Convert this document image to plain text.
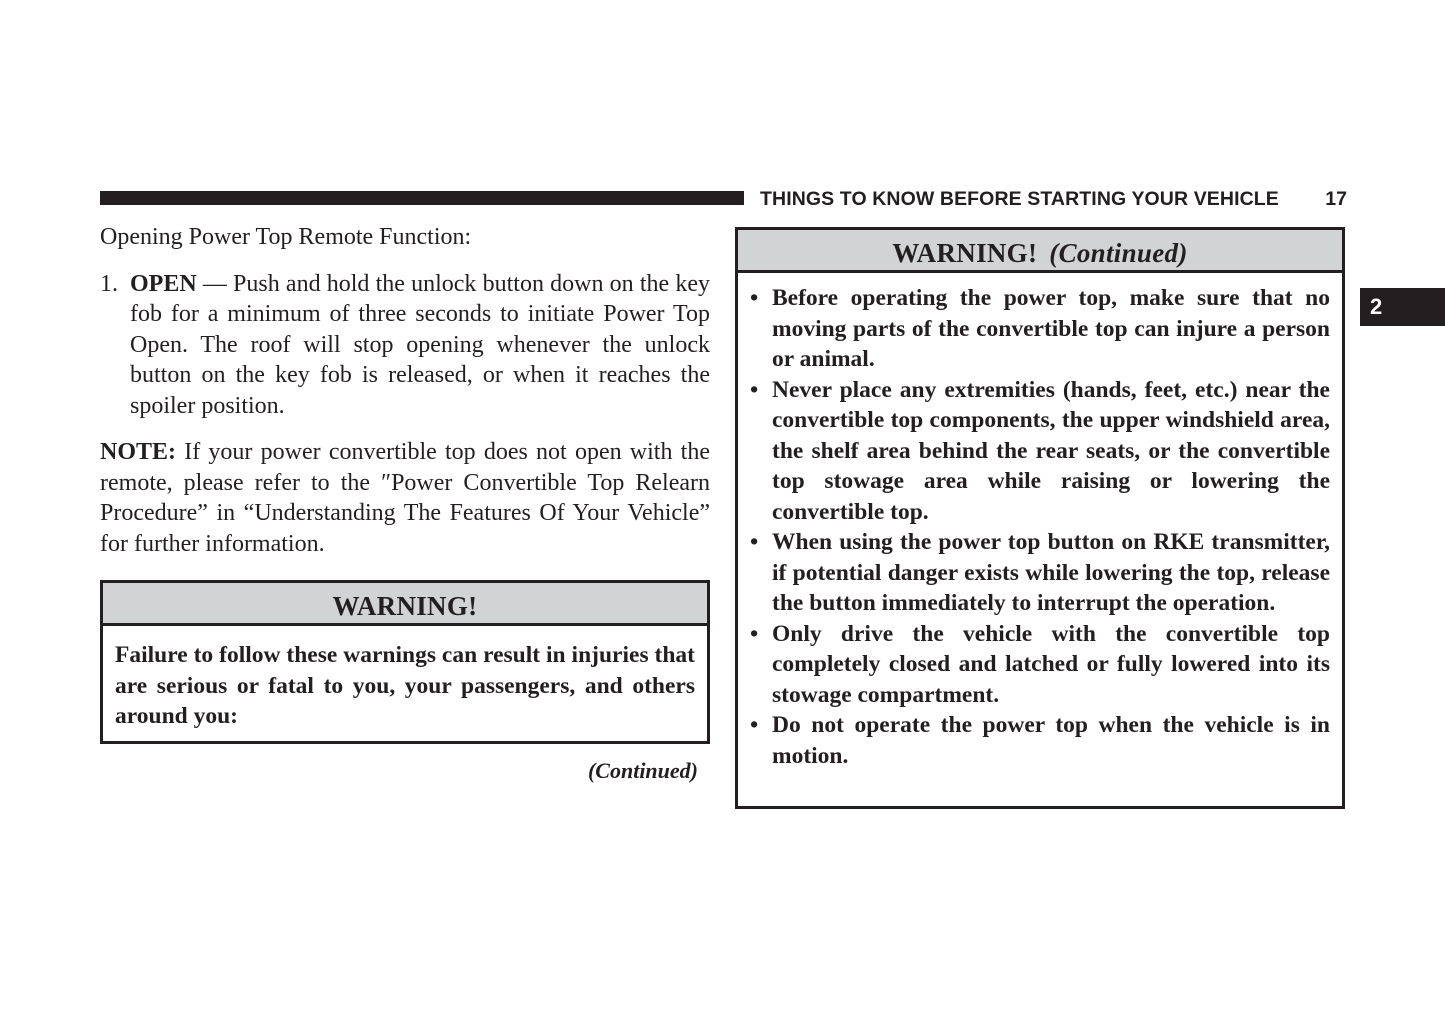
THINGS TO KNOW BEFORE STARTING YOUR VEHICLE	17
2

Opening Power Top Remote Function:

1. OPEN — Push and hold the unlock button down on the key fob for a minimum of three seconds to initiate Power Top Open. The roof will stop opening whenever the unlock button on the key fob is released, or when it reaches the spoiler position.

NOTE: If your power convertible top does not open with the remote, please refer to the ″Power Convertible Top Relearn Procedure” in “Understanding The Features Of Your Vehicle” for further information.

WARNING!
Failure to follow these warnings can result in injuries that are serious or fatal to you, your passengers, and others around you:
(Continued)
WARNING! (Continued)
• Before operating the power top, make sure that no moving parts of the convertible top can injure a person or animal.
• Never place any extremities (hands, feet, etc.) near the convertible top components, the upper windshield area, the shelf area behind the rear seats, or the convertible top stowage area while raising or lowering the convertible top.
• When using the power top button on RKE transmitter, if potential danger exists while lowering the top, release the button immediately to interrupt the operation.
• Only drive the vehicle with the convertible top completely closed and latched or fully lowered into its stowage compartment.
• Do not operate the power top when the vehicle is in motion.
